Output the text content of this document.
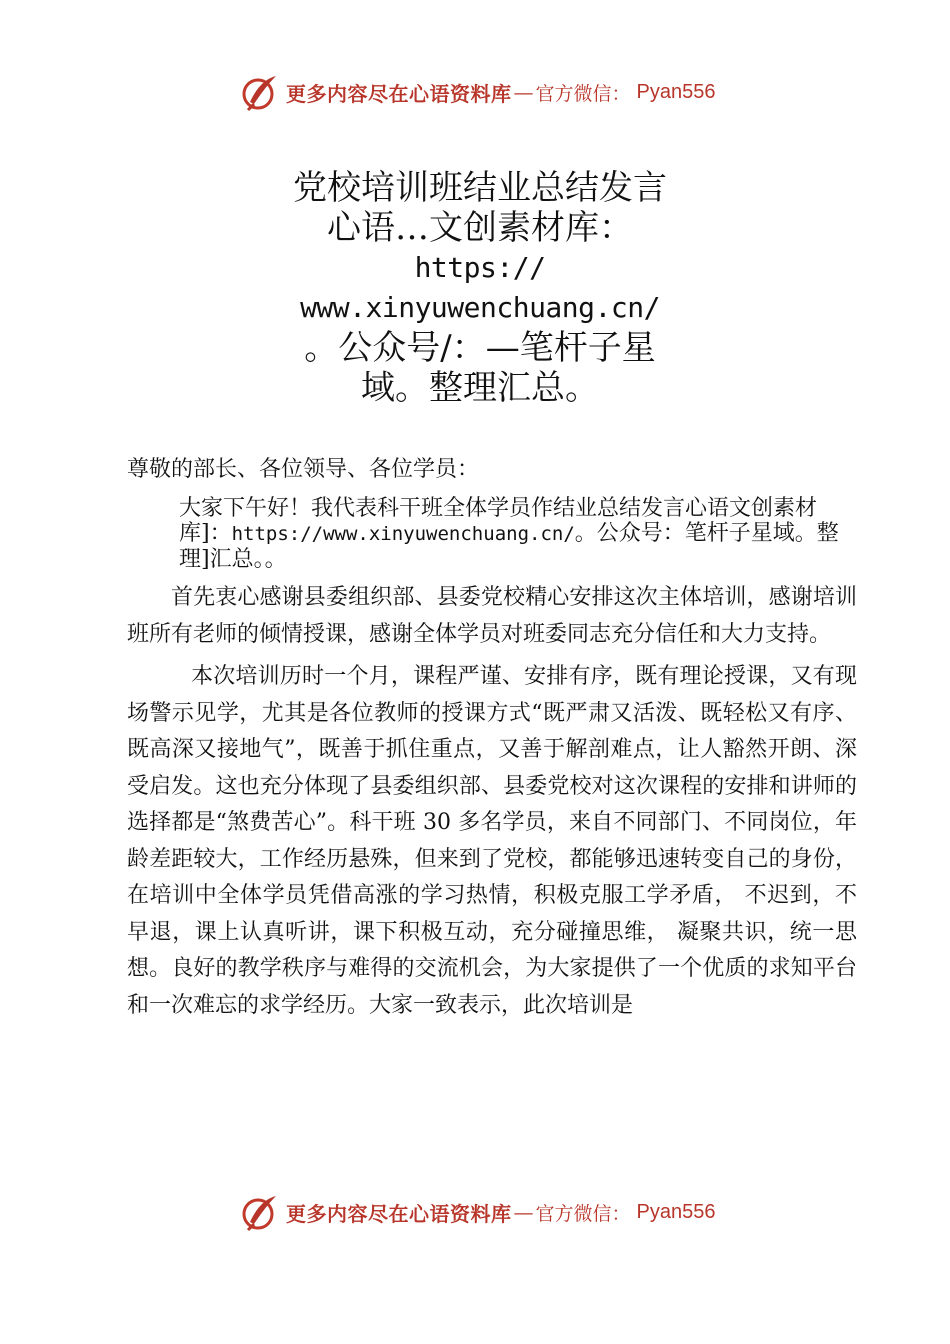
更多内容尽在心语资料库 — 官方微信： Pyan556
党校培训班结业总结发言
心语…文创素材库：
https://
www.xinyuwenchuang.cn/
。公众号/：—笔杆子星
域。整理汇总。

尊敬的部长、各位领导、各位学员：

大家下午好！我代表科干班全体学员作结业总结发言心语文创素材库]：https://www.xinyuwenchuang.cn/。公众号：笔杆子星域。整理]汇总。。

首先衷心感谢县委组织部、县委党校精心安排这次主体培训，感谢培训班所有老师的倾情授课，感谢全体学员对班委同志充分信任和大力支持。

本次培训历时一个月，课程严谨、安排有序，既有理论授课，又有现场警示见学，尤其是各位教师的授课方式“既严肃又活泼、既轻松又有序、既高深又接地气”，既善于抓住重点，又善于解剖难点，让人豁然开朗、深受启发。这也充分体现了县委组织部、县委党校对这次课程的安排和讲师的选择都是“煞费苦心”。科干班 30 多名学员，来自不同部门、不同岗位，年龄差距较大，工作经历悬殊，但来到了党校，都能够迅速转变自己的身份，在培训中全体学员凭借高涨的学习热情，积极克服工学矛盾， 不迟到，不早退，课上认真听讲，课下积极互动，充分碰撞思维， 凝聚共识，统一思想。良好的教学秩序与难得的交流机会，为大家提供了一个优质的求知平台和一次难忘的求学经历。大家一致表示，此次培训是

更多内容尽在心语资料库 — 官方微信： Pyan556
